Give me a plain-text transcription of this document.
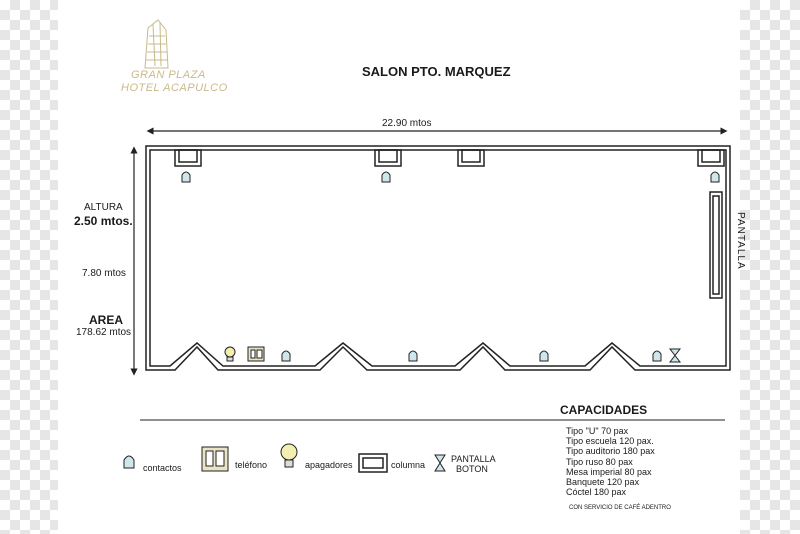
GRAN PLAZA
HOTEL ACAPULCO
SALON PTO. MARQUEZ
22.90 mtos
ALTURA
2.50 mtos.
7.80 mtos
AREA
178.62 mtos
PANTALLA
contactos	teléfono	apagadores	columna
PANTALLA
BOTON
CAPACIDADES
Tipo "U" 70 pax
Tipo escuela 120 pax.
Tipo auditorio 180 pax
Tipo ruso 80 pax
Mesa imperial 80 pax
Banquete 120 pax
Cóctel 180 pax
CON SERVICIO DE CAFÉ ADENTRO
